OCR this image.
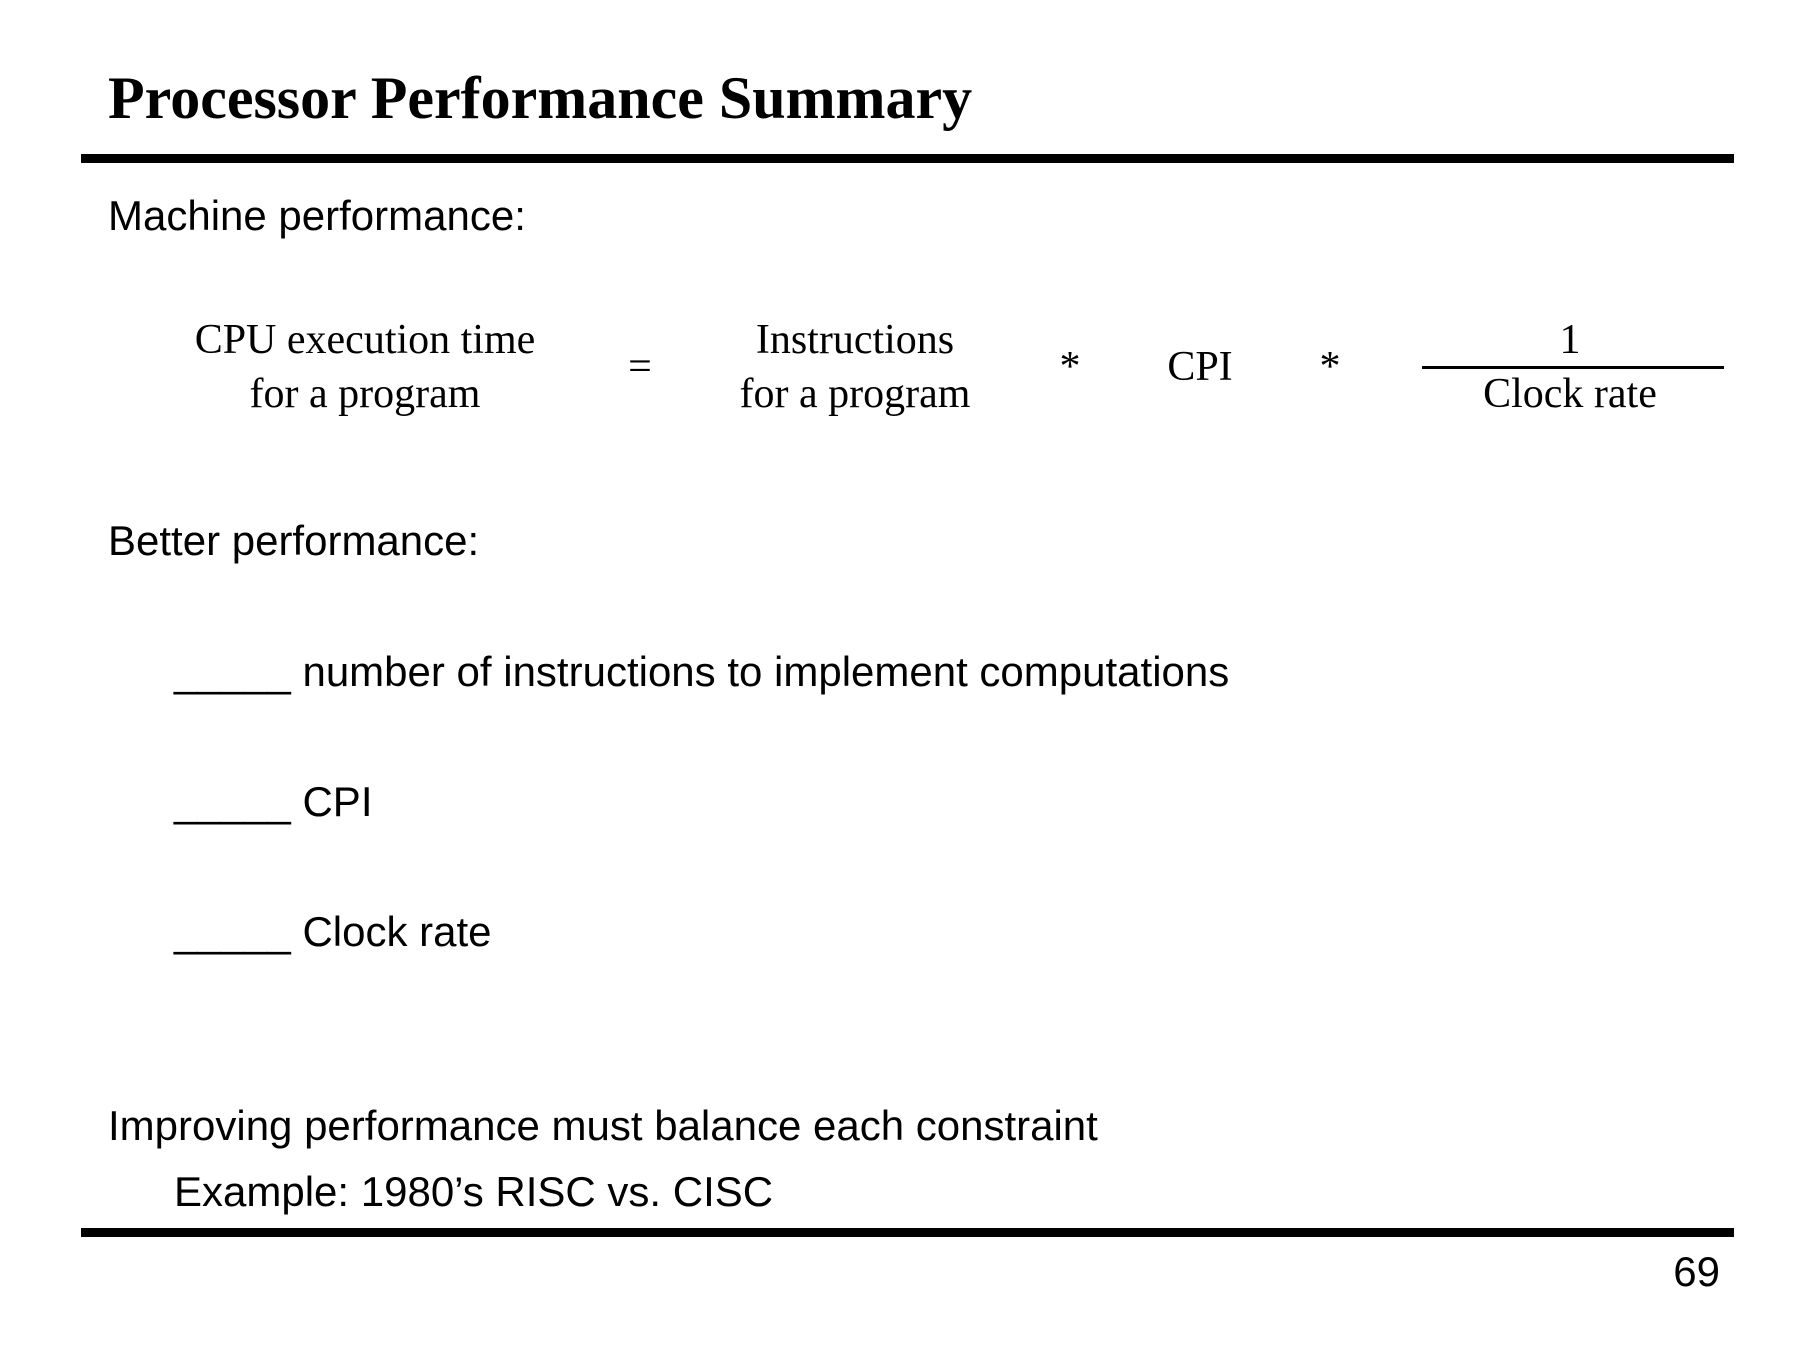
Processor Performance Summary
Machine performance:
CPU execution time
for a program
=
Instructions
for a program
*	CPI	*
1
Clock rate
Better performance:
_____ number of instructions to implement computations
_____ CPI
_____ Clock rate
Improving performance must balance each constraint
Example: 1980’s RISC vs. CISC
69
